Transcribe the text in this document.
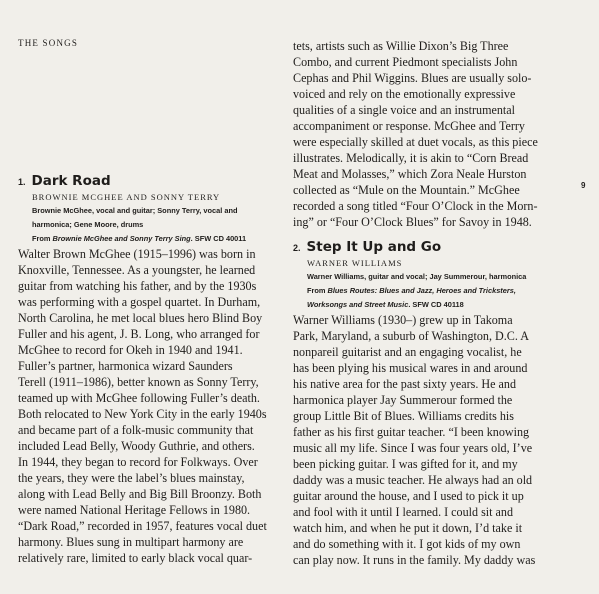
THE SONGS
9
1. Dark Road
BROWNIE MCGHEE AND SONNY TERRY
Brownie McGhee, vocal and guitar; Sonny Terry, vocal and
harmonica; Gene Moore, drums
From Brownie McGhee and Sonny Terry Sing. SFW CD 40011

Walter Brown McGhee (1915–1996) was born in
Knoxville, Tennessee. As a youngster, he learned
guitar from watching his father, and by the 1930s
was performing with a gospel quartet. In Durham,
North Carolina, he met local blues hero Blind Boy
Fuller and his agent, J. B. Long, who arranged for
McGhee to record for Okeh in 1940 and 1941.
Fuller’s partner, harmonica wizard Saunders
Terell (1911–1986), better known as Sonny Terry,
teamed up with McGhee following Fuller’s death.
Both relocated to New York City in the early 1940s
and became part of a folk-music community that
included Lead Belly, Woody Guthrie, and others.
In 1944, they began to record for Folkways. Over
the years, they were the label’s blues mainstay,
along with Lead Belly and Big Bill Broonzy. Both
were named National Heritage Fellows in 1980.
“Dark Road,” recorded in 1957, features vocal duet
harmony. Blues sung in multipart harmony are
relatively rare, limited to early black vocal quar-

tets, artists such as Willie Dixon’s Big Three
Combo, and current Piedmont specialists John
Cephas and Phil Wiggins. Blues are usually solo-
voiced and rely on the emotionally expressive
qualities of a single voice and an instrumental
accompaniment or response. McGhee and Terry
were especially skilled at duet vocals, as this piece
illustrates. Melodically, it is akin to “Corn Bread
Meat and Molasses,” which Zora Neale Hurston
collected as “Mule on the Mountain.” McGhee
recorded a song titled “Four O’Clock in the Morn-
ing” or “Four O’Clock Blues” for Savoy in 1948.

2. Step It Up and Go
WARNER WILLIAMS
Warner Williams, guitar and vocal; Jay Summerour, harmonica
From Blues Routes: Blues and Jazz, Heroes and Tricksters,
Worksongs and Street Music. SFW CD 40118

Warner Williams (1930–) grew up in Takoma
Park, Maryland, a suburb of Washington, D.C. A
nonpareil guitarist and an engaging vocalist, he
has been plying his musical wares in and around
his native area for the past sixty years. He and
harmonica player Jay Summerour formed the
group Little Bit of Blues. Williams credits his
father as his first guitar teacher. “I been knowing
music all my life. Since I was four years old, I’ve
been picking guitar. I was gifted for it, and my
daddy was a music teacher. He always had an old
guitar around the house, and I used to pick it up
and fool with it until I learned. I could sit and
watch him, and when he put it down, I’d take it
and do something with it. I got kids of my own
can play now. It runs in the family. My daddy was
